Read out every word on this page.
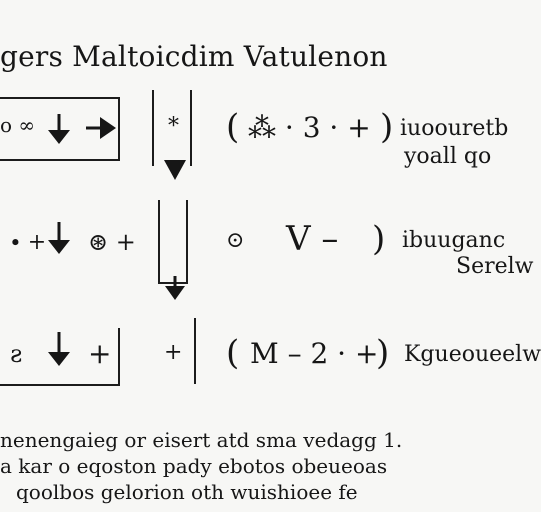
gers Maltoicdim Vatulenon
o ∞	* ( ⁂ · 3 · + ) iuoouretb
yoall qo
∙ + ⊛ +	⊙ V – ) ibuuganc
Serelw
ꙅ + + ( M – 2 · +
) Kgueoueelw
nenengaieg or eisert atd sma vedagg 1.
a kar o eqoston pady ebotos obeueoas
qoolbos gelorion oth wuishioee fe
